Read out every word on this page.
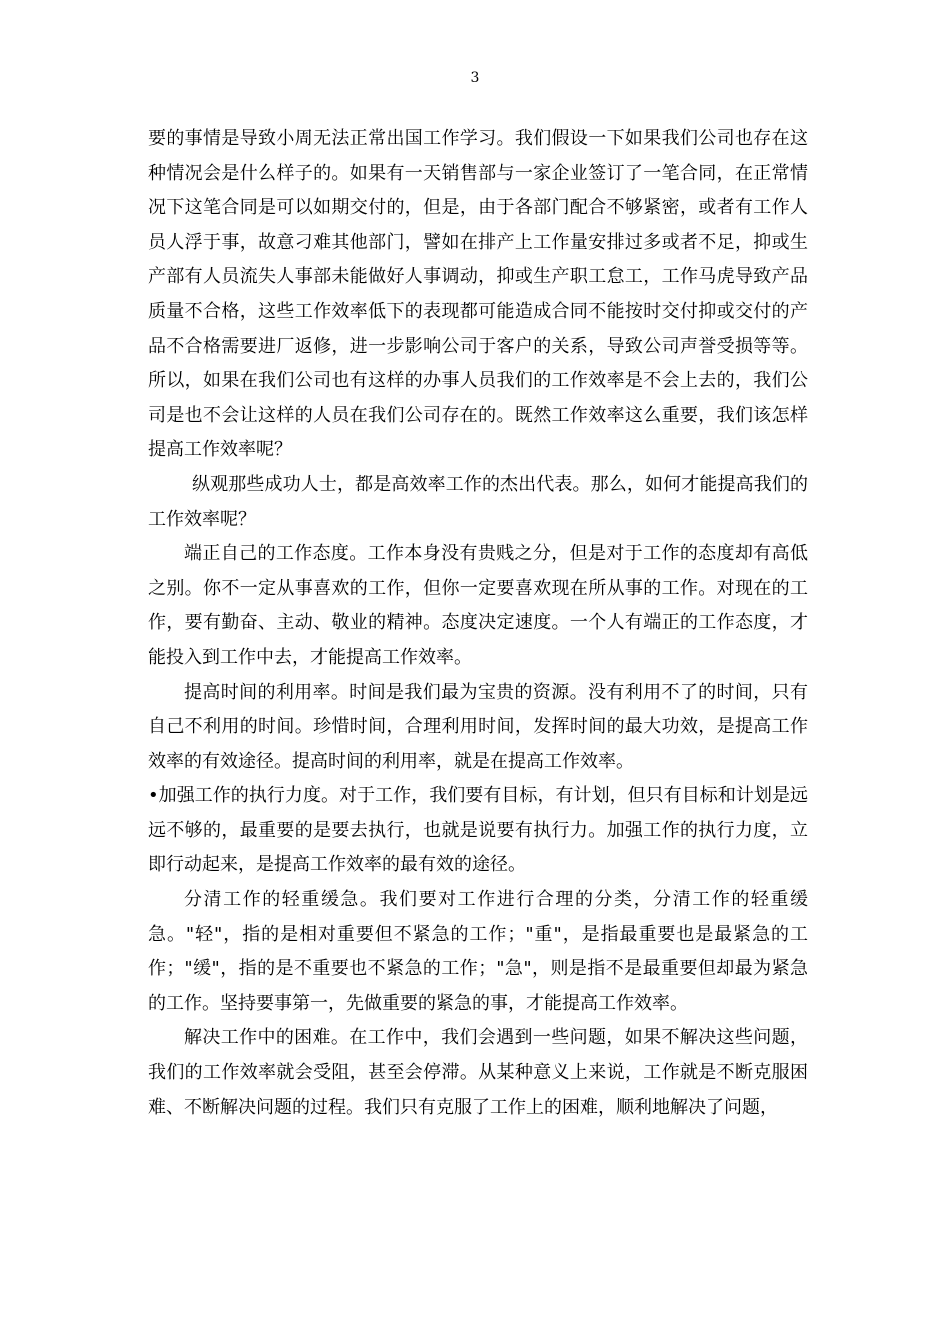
3

要的事情是导致小周无法正常出国工作学习。我们假设一下如果我们公司也存在这种情况会是什么样子的。如果有一天销售部与一家企业签订了一笔合同，在正常情况下这笔合同是可以如期交付的，但是，由于各部门配合不够紧密，或者有工作人员人浮于事，故意刁难其他部门，譬如在排产上工作量安排过多或者不足，抑或生产部有人员流失人事部未能做好人事调动，抑或生产职工怠工，工作马虎导致产品质量不合格，这些工作效率低下的表现都可能造成合同不能按时交付抑或交付的产品不合格需要进厂返修，进一步影响公司于客户的关系，导致公司声誉受损等等。所以，如果在我们公司也有这样的办事人员我们的工作效率是不会上去的，我们公司是也不会让这样的人员在我们公司存在的。既然工作效率这么重要，我们该怎样提高工作效率呢？

纵观那些成功人士，都是高效率工作的杰出代表。那么，如何才能提高我们的工作效率呢？

端正自己的工作态度。工作本身没有贵贱之分，但是对于工作的态度却有高低之别。你不一定从事喜欢的工作，但你一定要喜欢现在所从事的工作。对现在的工作，要有勤奋、主动、敬业的精神。态度决定速度。一个人有端正的工作态度，才能投入到工作中去，才能提高工作效率。

提高时间的利用率。时间是我们最为宝贵的资源。没有利用不了的时间，只有自己不利用的时间。珍惜时间，合理利用时间，发挥时间的最大功效，是提高工作效率的有效途径。提高时间的利用率，就是在提高工作效率。

•加强工作的执行力度。对于工作，我们要有目标，有计划，但只有目标和计划是远远不够的，最重要的是要去执行，也就是说要有执行力。加强工作的执行力度，立即行动起来，是提高工作效率的最有效的途径。

分清工作的轻重缓急。我们要对工作进行合理的分类，分清工作的轻重缓急。"轻"，指的是相对重要但不紧急的工作；"重"，是指最重要也是最紧急的工作；"缓"，指的是不重要也不紧急的工作；"急"，则是指不是最重要但却最为紧急的工作。坚持要事第一，先做重要的紧急的事，才能提高工作效率。

解决工作中的困难。在工作中，我们会遇到一些问题，如果不解决这些问题，我们的工作效率就会受阻，甚至会停滞。从某种意义上来说，工作就是不断克服困难、不断解决问题的过程。我们只有克服了工作上的困难，顺利地解决了问题，
